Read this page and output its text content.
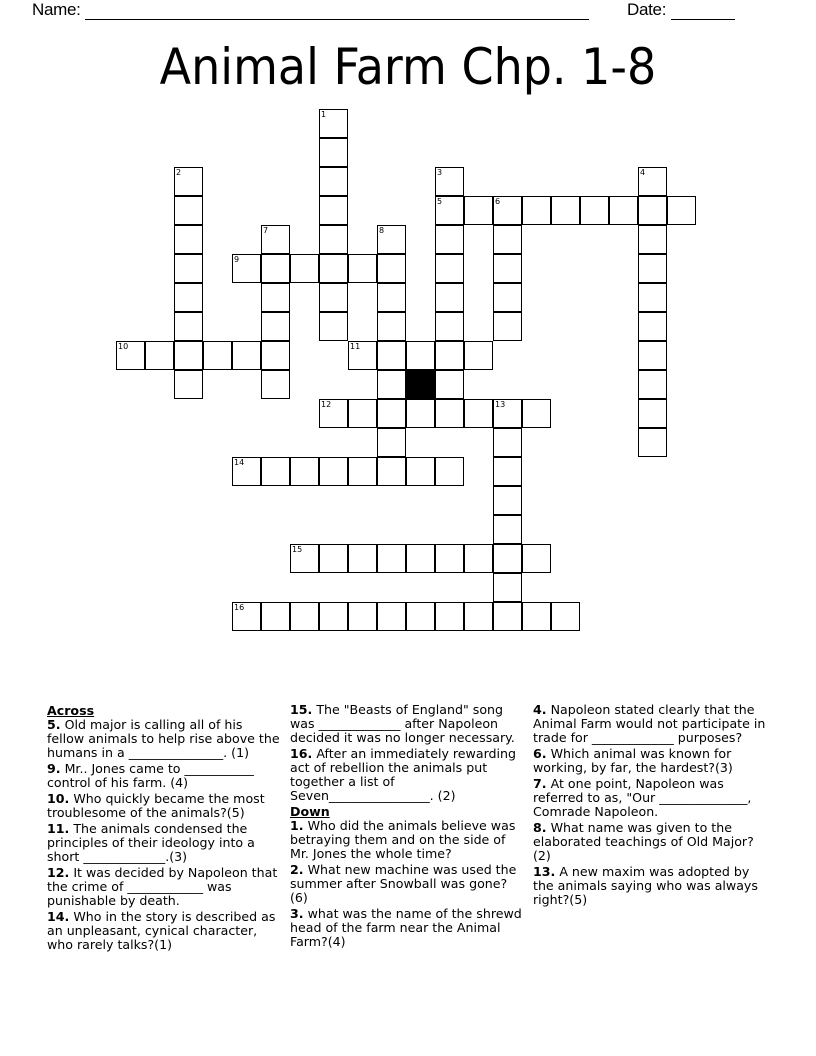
Name:	Date:
Animal Farm Chp. 1-8
1
2	3
5
4
6
7	8
9
10	11
12	13
14
15
16
Across
5. Old major is calling all of his fellow animals to help rise above the humans in a _______________. (1)
9. Mr.. Jones came to ___________ control of his farm. (4)
10. Who quickly became the most troublesome of the animals?(5)
11. The animals condensed the principles of their ideology into a short _____________.(3)
12. It was decided by Napoleon that the crime of ____________ was punishable by death.
14. Who in the story is described as an unpleasant, cynical character, who rarely talks?(1)
15. The "Beasts of England" song was _____________ after Napoleon decided it was no longer necessary.
16. After an immediately rewarding act of rebellion the animals put together a list of Seven________________. (2)
Down
1. Who did the animals believe was betraying them and on the side of Mr. Jones the whole time?
2. What new machine was used the summer after Snowball was gone?(6)
3. what was the name of the shrewd head of the farm near the Animal Farm?(4)
4. Napoleon stated clearly that the Animal Farm would not participate in trade for _____________ purposes?
6. Which animal was known for working, by far, the hardest?(3)
7. At one point, Napoleon was referred to as, "Our ______________, Comrade Napoleon.
8. What name was given to the elaborated teachings of Old Major?(2)
13. A new maxim was adopted by the animals saying who was always right?(5)
